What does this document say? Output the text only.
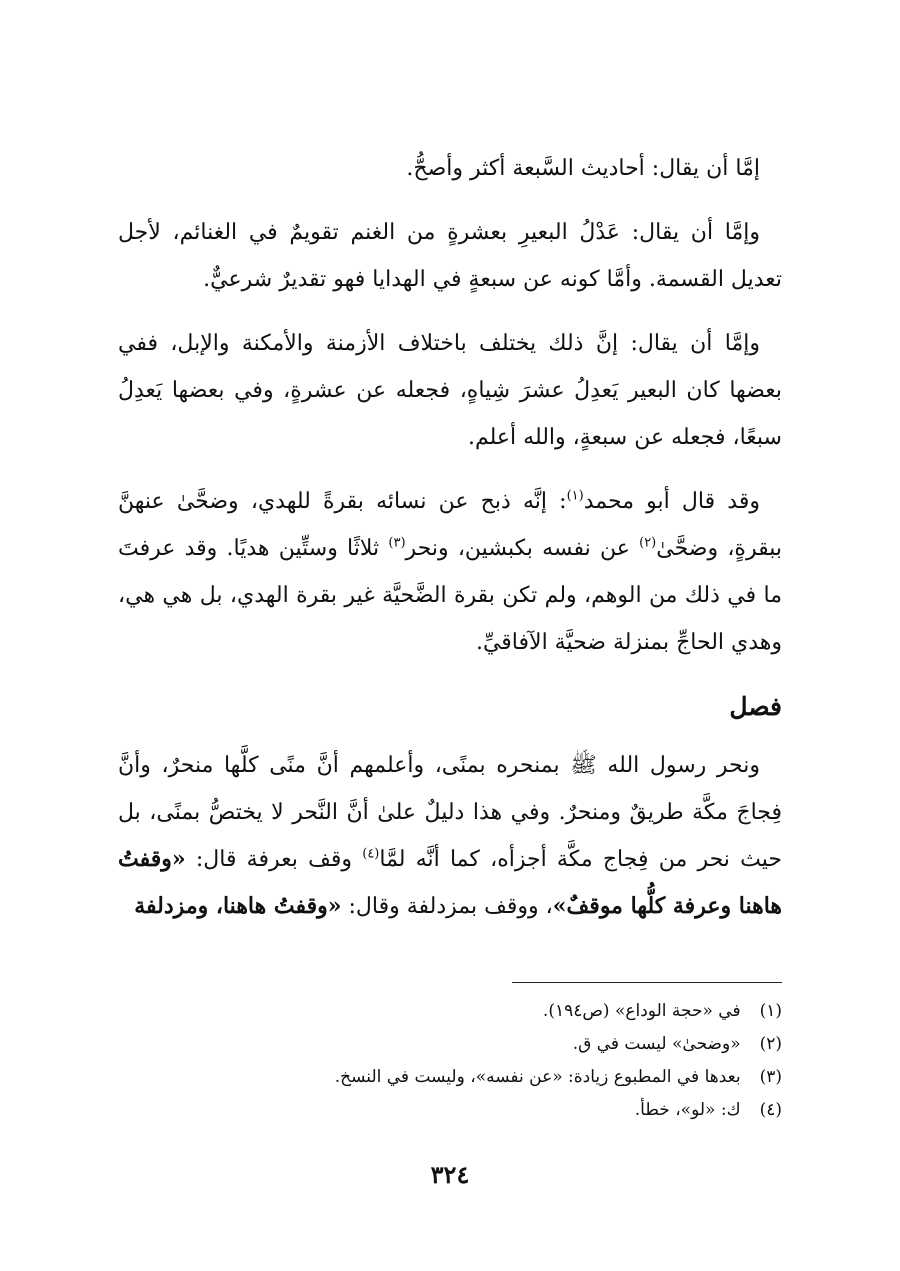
إمَّا أن يقال: أحاديث السَّبعة أكثر وأصحُّ.

وإمَّا أن يقال: عَدْلُ البعيرِ بعشرةٍ من الغنم تقويمٌ في الغنائم، لأجل تعديل القسمة. وأمَّا كونه عن سبعةٍ في الهدايا فهو تقديرٌ شرعيٌّ.

وإمَّا أن يقال: إنَّ ذلك يختلف باختلاف الأزمنة والأمكنة والإبل، ففي بعضها كان البعير يَعدِلُ عشرَ شِياهٍ، فجعله عن عشرةٍ، وفي بعضها يَعدِلُ سبعًا، فجعله عن سبعةٍ، والله أعلم.

وقد قال أبو محمد$^{(١)}$: إنَّه ذبح عن نسائه بقرةً للهدي، وضحَّىٰ عنهنَّ ببقرةٍ، وضحَّىٰ$^{(٢)}$ عن نفسه بكبشين، ونحر$^{(٣)}$ ثلاثًا وستِّين هديًا. وقد عرفتَ ما في ذلك من الوهم، ولم تكن بقرة الضَّحيَّة غير بقرة الهدي، بل هي هي، وهدي الحاجِّ بمنزلة ضحيَّة الآفاقيِّ.

فصل

ونحر رسول الله ﷺ بمنحره بمنًى، وأعلمهم أنَّ منًى كلَّها منحرٌ، وأنَّ فِجاجَ مكَّة طريقٌ ومنحرٌ. وفي هذا دليلٌ علىٰ أنَّ النَّحر لا يختصُّ بمنًى، بل حيث نحر من فِجاج مكَّة أجزأه، كما أنَّه لمَّا$^{(٤)}$ وقف بعرفة قال: «وقفتُ هاهنا وعرفة كلُّها موقفٌ»، ووقف بمزدلفة وقال: «وقفتُ هاهنا، ومزدلفة

(١) في «حجة الوداع» (ص١٩٤).

(٢) «وضحىٰ» ليست في ق.

(٣) بعدها في المطبوع زيادة: «عن نفسه»، وليست في النسخ.

(٤) ك: «لو»، خطأ.

٣٢٤
